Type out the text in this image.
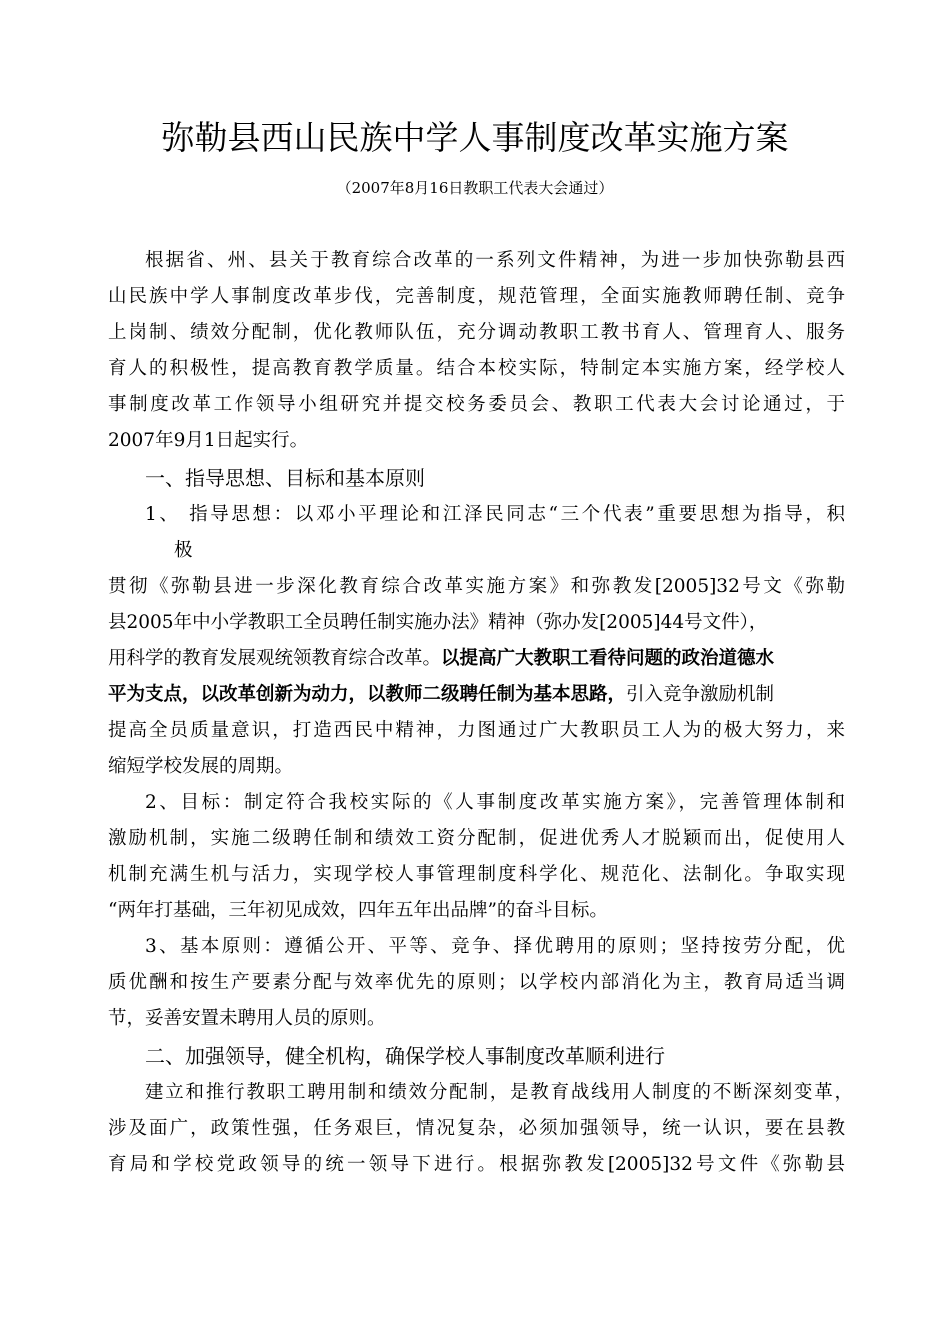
弥勒县西山民族中学人事制度改革实施方案
（2007年8月16日教职工代表大会通过）
根据省、州、县关于教育综合改革的一系列文件精神，为进一步加快弥勒县西
山民族中学人事制度改革步伐，完善制度，规范管理，全面实施教师聘任制、竞争
上岗制、绩效分配制，优化教师队伍，充分调动教职工教书育人、管理育人、服务
育人的积极性，提高教育教学质量。结合本校实际，特制定本实施方案，经学校人
事制度改革工作领导小组研究并提交校务委员会、教职工代表大会讨论通过，于
2007年9月1日起实行。
一、指导思想、目标和基本原则
1、 指导思想：以邓小平理论和江泽民同志“三个代表”重要思想为指导，积
极
贯彻《弥勒县进一步深化教育综合改革实施方案》和弥教发[2005]32号文《弥勒
县2005年中小学教职工全员聘任制实施办法》精神（弥办发[2005]44号文件），
用科学的教育发展观统领教育综合改革。以提高广大教职工看待问题的政治道德水
平为支点，以改革创新为动力，以教师二级聘任制为基本思路，引入竞争激励机制
提高全员质量意识，打造西民中精神，力图通过广大教职员工人为的极大努力，来
缩短学校发展的周期。
2、目标：制定符合我校实际的《人事制度改革实施方案》，完善管理体制和
激励机制，实施二级聘任制和绩效工资分配制，促进优秀人才脱颖而出，促使用人
机制充满生机与活力，实现学校人事管理制度科学化、规范化、法制化。争取实现
“两年打基础，三年初见成效，四年五年出品牌”的奋斗目标。
3、基本原则：遵循公开、平等、竞争、择优聘用的原则；坚持按劳分配，优
质优酬和按生产要素分配与效率优先的原则；以学校内部消化为主，教育局适当调
节，妥善安置未聘用人员的原则。
二、加强领导，健全机构，确保学校人事制度改革顺利进行
建立和推行教职工聘用制和绩效分配制，是教育战线用人制度的不断深刻变革，
涉及面广，政策性强，任务艰巨，情况复杂，必须加强领导，统一认识，要在县教
育局和学校党政领导的统一领导下进行。根据弥教发[2005]32号文件《弥勒县
